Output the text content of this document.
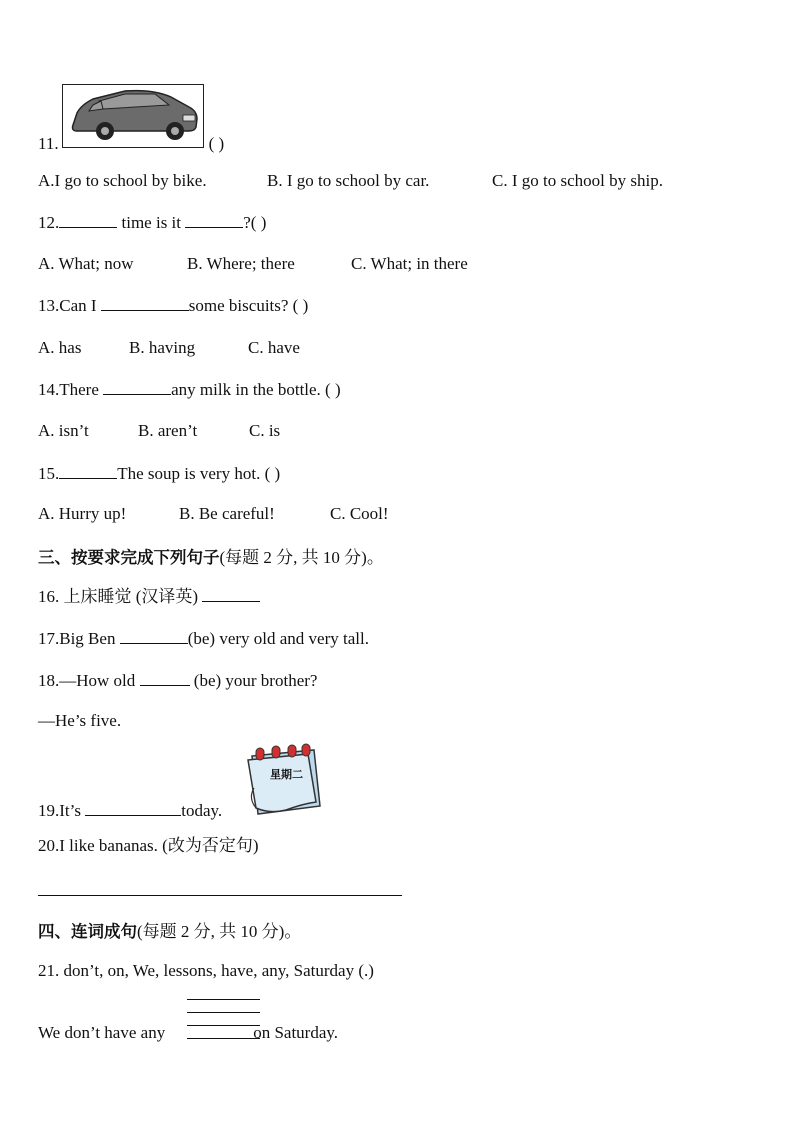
11.	( )
A.I go to school by bike.	B. I go to school by car.	C. I go to school by ship.
12.	time is it	?( )
A. What; now	B. Where; there	C. What; in there
13.Can I	some biscuits? ( )
A. has	B. having	C. have
14.There	any milk in the bottle. ( )
A. isn’t	B. aren’t	C. is
15.	The soup is very hot. ( )
A. Hurry up!	B. Be careful!	C. Cool!
三、按要求完成下列句子(每题 2 分, 共 10 分)。
16. 上床睡觉 (汉译英)
17.Big Ben	(be) very old and very tall.
18.—How old	(be) your brother?
—He’s five.
星期二
19.It’s	today.
20.I like bananas. (改为否定句)
四、连词成句(每题 2 分, 共 10 分)。
21. don’t, on, We, lessons, have, any, Saturday (.)
We don’t have any	on Saturday.
